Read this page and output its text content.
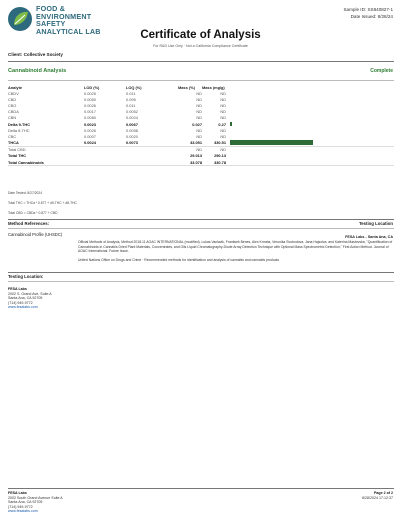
FOOD &
ENVIRONMENT
SAFETY
ANALYTICAL LAB
Sample ID: SS840827-1
Date Issued: 8/28/24
Certificate of Analysis
For R&D Use Only · Not a California Compliance Certificate
Client: Collective Society
Cannabinoid Analysis	Complete
Analyte	LOD (%)	LOQ (%)	Mass (%)	Mass (mg/g)		
CBDV	0.0025	0.011	ND	ND		
CBD	0.0050	0.095	ND	ND		
CBG	0.0026	0.011	ND	ND		
CBDA	0.0017	0.0052	ND	ND		
CBN	0.0080	0.0024	ND	ND		
Delta 9-THC	0.0023	0.0067	0.027	0.27		

Delta 8-THC	0.0026	0.0058	ND	ND		
CBC	0.0007	0.0020	ND	ND		
THCA	0.0024	0.0073	33.051	330.51		

Total CBD			ND	ND		
Total THC			29.013	290.13		
Total Cannabinoids			33.078	330.78		
Date Tested: 8/27/2024
Total THC = THCa * 0.877 + d9-THC + d8-THC
Total CBD = CBDa * 0.877 + CBD
Method References:	Testing Location
Cannabinoid Profile (UHSDC)	FESA Labs - Santa Ana, CA

Official Methods of Analysis, Method 2018.11 AOAC INTERNATIONAL (modified). Lukas Vaclavik, Frantisek Benes, Alex Krmela, Veronika Svobodova, Jana Hajsolva, and Katerina Mastovska, "Quantification of Cannabinoids in Cannabis Dried Plant Materials, Concentrates, and Oils Liquid Chromatography-Diode Array Detection Technique with Optional Mass Spectrometric Detection," First Action Method. Journal of AOAC International. Future Issue.

United Nations Office on Drugs and Crime · Recommended methods for identification and analysis of cannabis and cannabis products

Testing Location:
FESA Labs
2002 S. Grand Ave, Suite A
Santa Ana, CA 92705
(714) 949-9772
www.fesalabs.com
FESA Labs
2002 South Grand Avenue Suite A
Santa Ana, CA 92705
(714) 949-9772
www.fesalabs.com
Page 2 of 2
8/28/2024 17:12:37
